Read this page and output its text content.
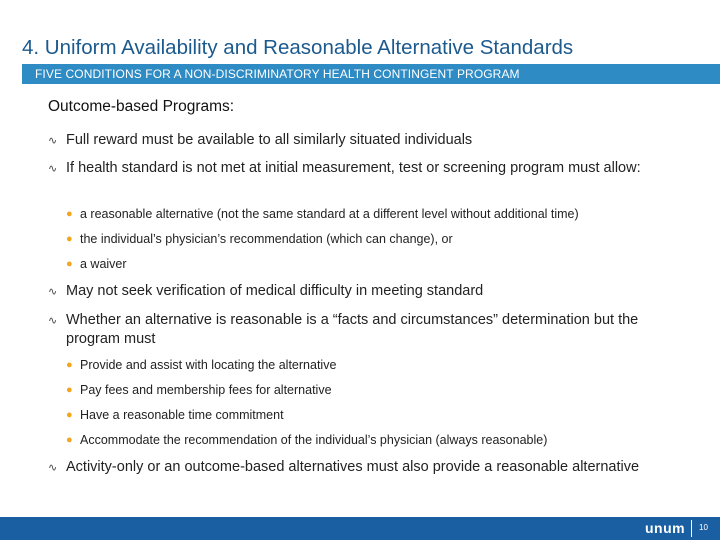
4. Uniform Availability and Reasonable Alternative Standards
FIVE CONDITIONS FOR A NON-DISCRIMINATORY HEALTH CONTINGENT PROGRAM
Outcome-based Programs:
∿ Full reward must be available to all similarly situated individuals
∿ If health standard is not met at initial measurement, test or screening program must allow:
● a reasonable alternative (not the same standard at a different level without additional time)
● the individual’s physician’s recommendation (which can change), or
● a waiver
∿ May not seek verification of medical difficulty in meeting standard
∿ Whether an alternative is reasonable is a “facts and circumstances” determination but the program must
● Provide and assist with locating the alternative
● Pay fees and membership fees for alternative
● Have a reasonable time commitment
● Accommodate the recommendation of the individual’s physician (always reasonable)
∿ Activity-only or an outcome-based alternatives must also provide a reasonable alternative
unum 10
